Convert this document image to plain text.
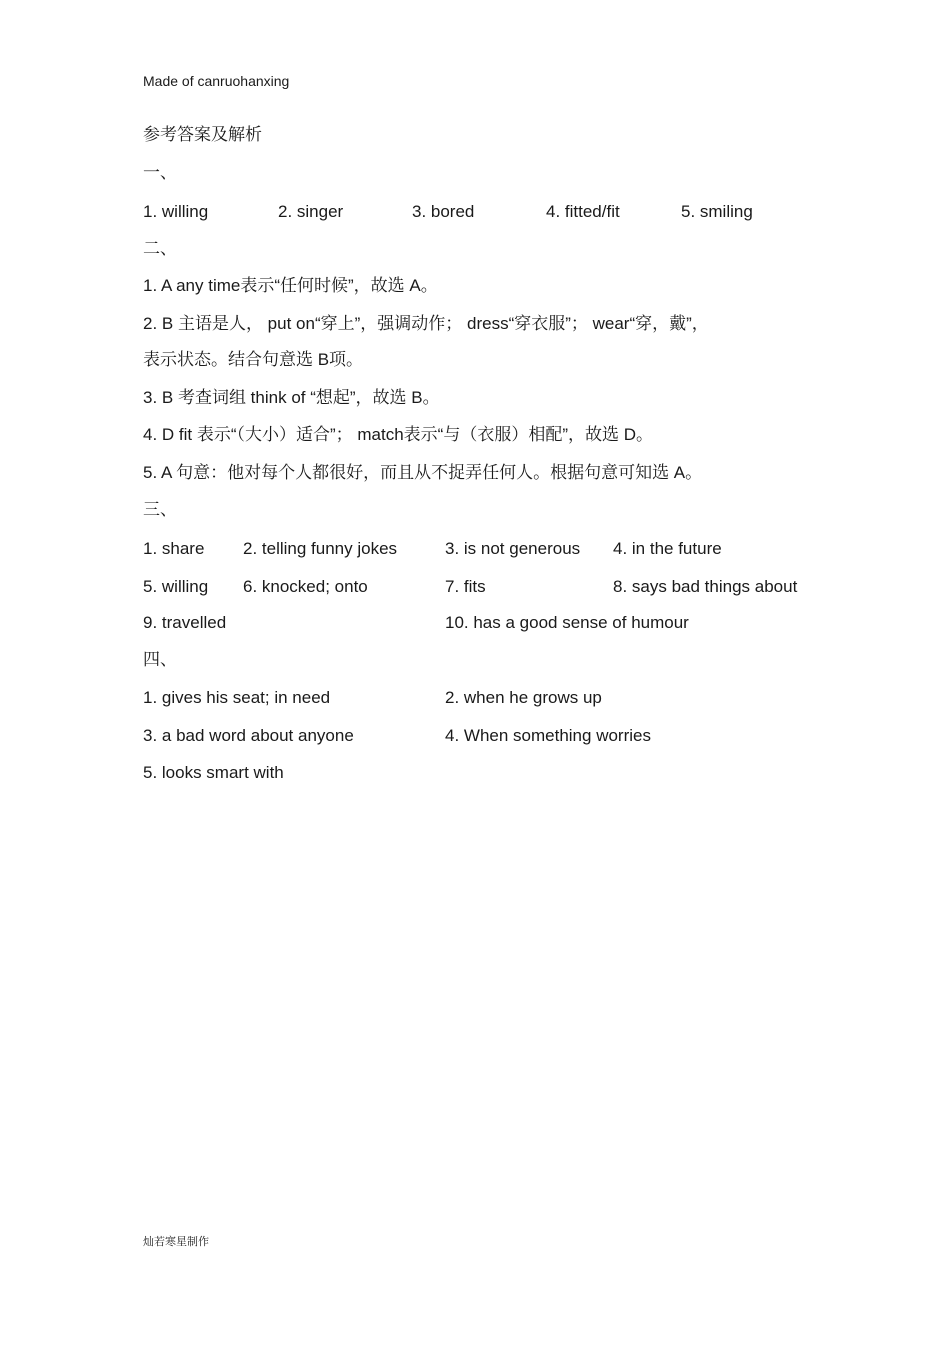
Made of canruohanxing
参考答案及解析
一、
1. willing	2. singer	3. bored	4. fitted/fit	5. smiling
二、
1. A any time表示“任何时候”，故选 A。
2. B 主语是人， put on“穿上”，强调动作； dress“穿衣服”； wear“穿，戴”，
表示状态。结合句意选 B项。
3. B 考查词组 think of “想起”，故选 B。
4. D fit 表示“（大小）适合”； match表示“与（衣服）相配”，故选 D。
5. A 句意：他对每个人都很好，而且从不捉弄任何人。根据句意可知选 A。
三、
1. share 2. telling funny jokes	3. is not generous 4. in the future
5. willing 6. knocked; onto	7. fits	8. says bad things about
9. travelled	10. has a good sense of humour
四、
1. gives his seat; in need	2. when he grows up
3. a bad word about anyone	4. When something worries
5. looks smart with
灿若寒星制作
